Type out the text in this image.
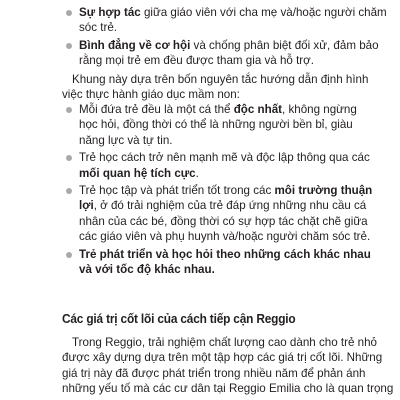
Sự hợp tác giữa giáo viên với cha mẹ và/hoặc người chăm
sóc trẻ.
Bình đẳng về cơ hội và chống phân biệt đối xử, đảm bảo
rằng mọi trẻ em đều được tham gia và hỗ trợ.
Khung này dựa trên bốn nguyên tắc hướng dẫn định hình
việc thực hành giáo dục mầm non:
Mỗi đứa trẻ đều là một cá thể độc nhất, không ngừng
học hỏi, đồng thời có thể là những người bền bỉ, giàu
năng lực và tự tin.
Trẻ học cách trở nên mạnh mẽ và độc lập thông qua các
mối quan hệ tích cực.
Trẻ học tập và phát triển tốt trong các môi trường thuận
lợi, ở đó trải nghiệm của trẻ đáp ứng những nhu cầu cá
nhân của các bé, đồng thời có sự hợp tác chặt chẽ giữa
các giáo viên và phụ huynh và/hoặc người chăm sóc trẻ.
Trẻ phát triển và học hỏi theo những cách khác nhau
và với tốc độ khác nhau.
Các giá trị cốt lõi của cách tiếp cận Reggio
Trong Reggio, trải nghiệm chất lượng cao dành cho trẻ nhỏ
được xây dựng dựa trên một tập hợp các giá trị cốt lõi. Những
giá trị này đã được phát triển trong nhiều năm để phản ánh
những yếu tố mà các cư dân tại Reggio Emilia cho là quan trọng
